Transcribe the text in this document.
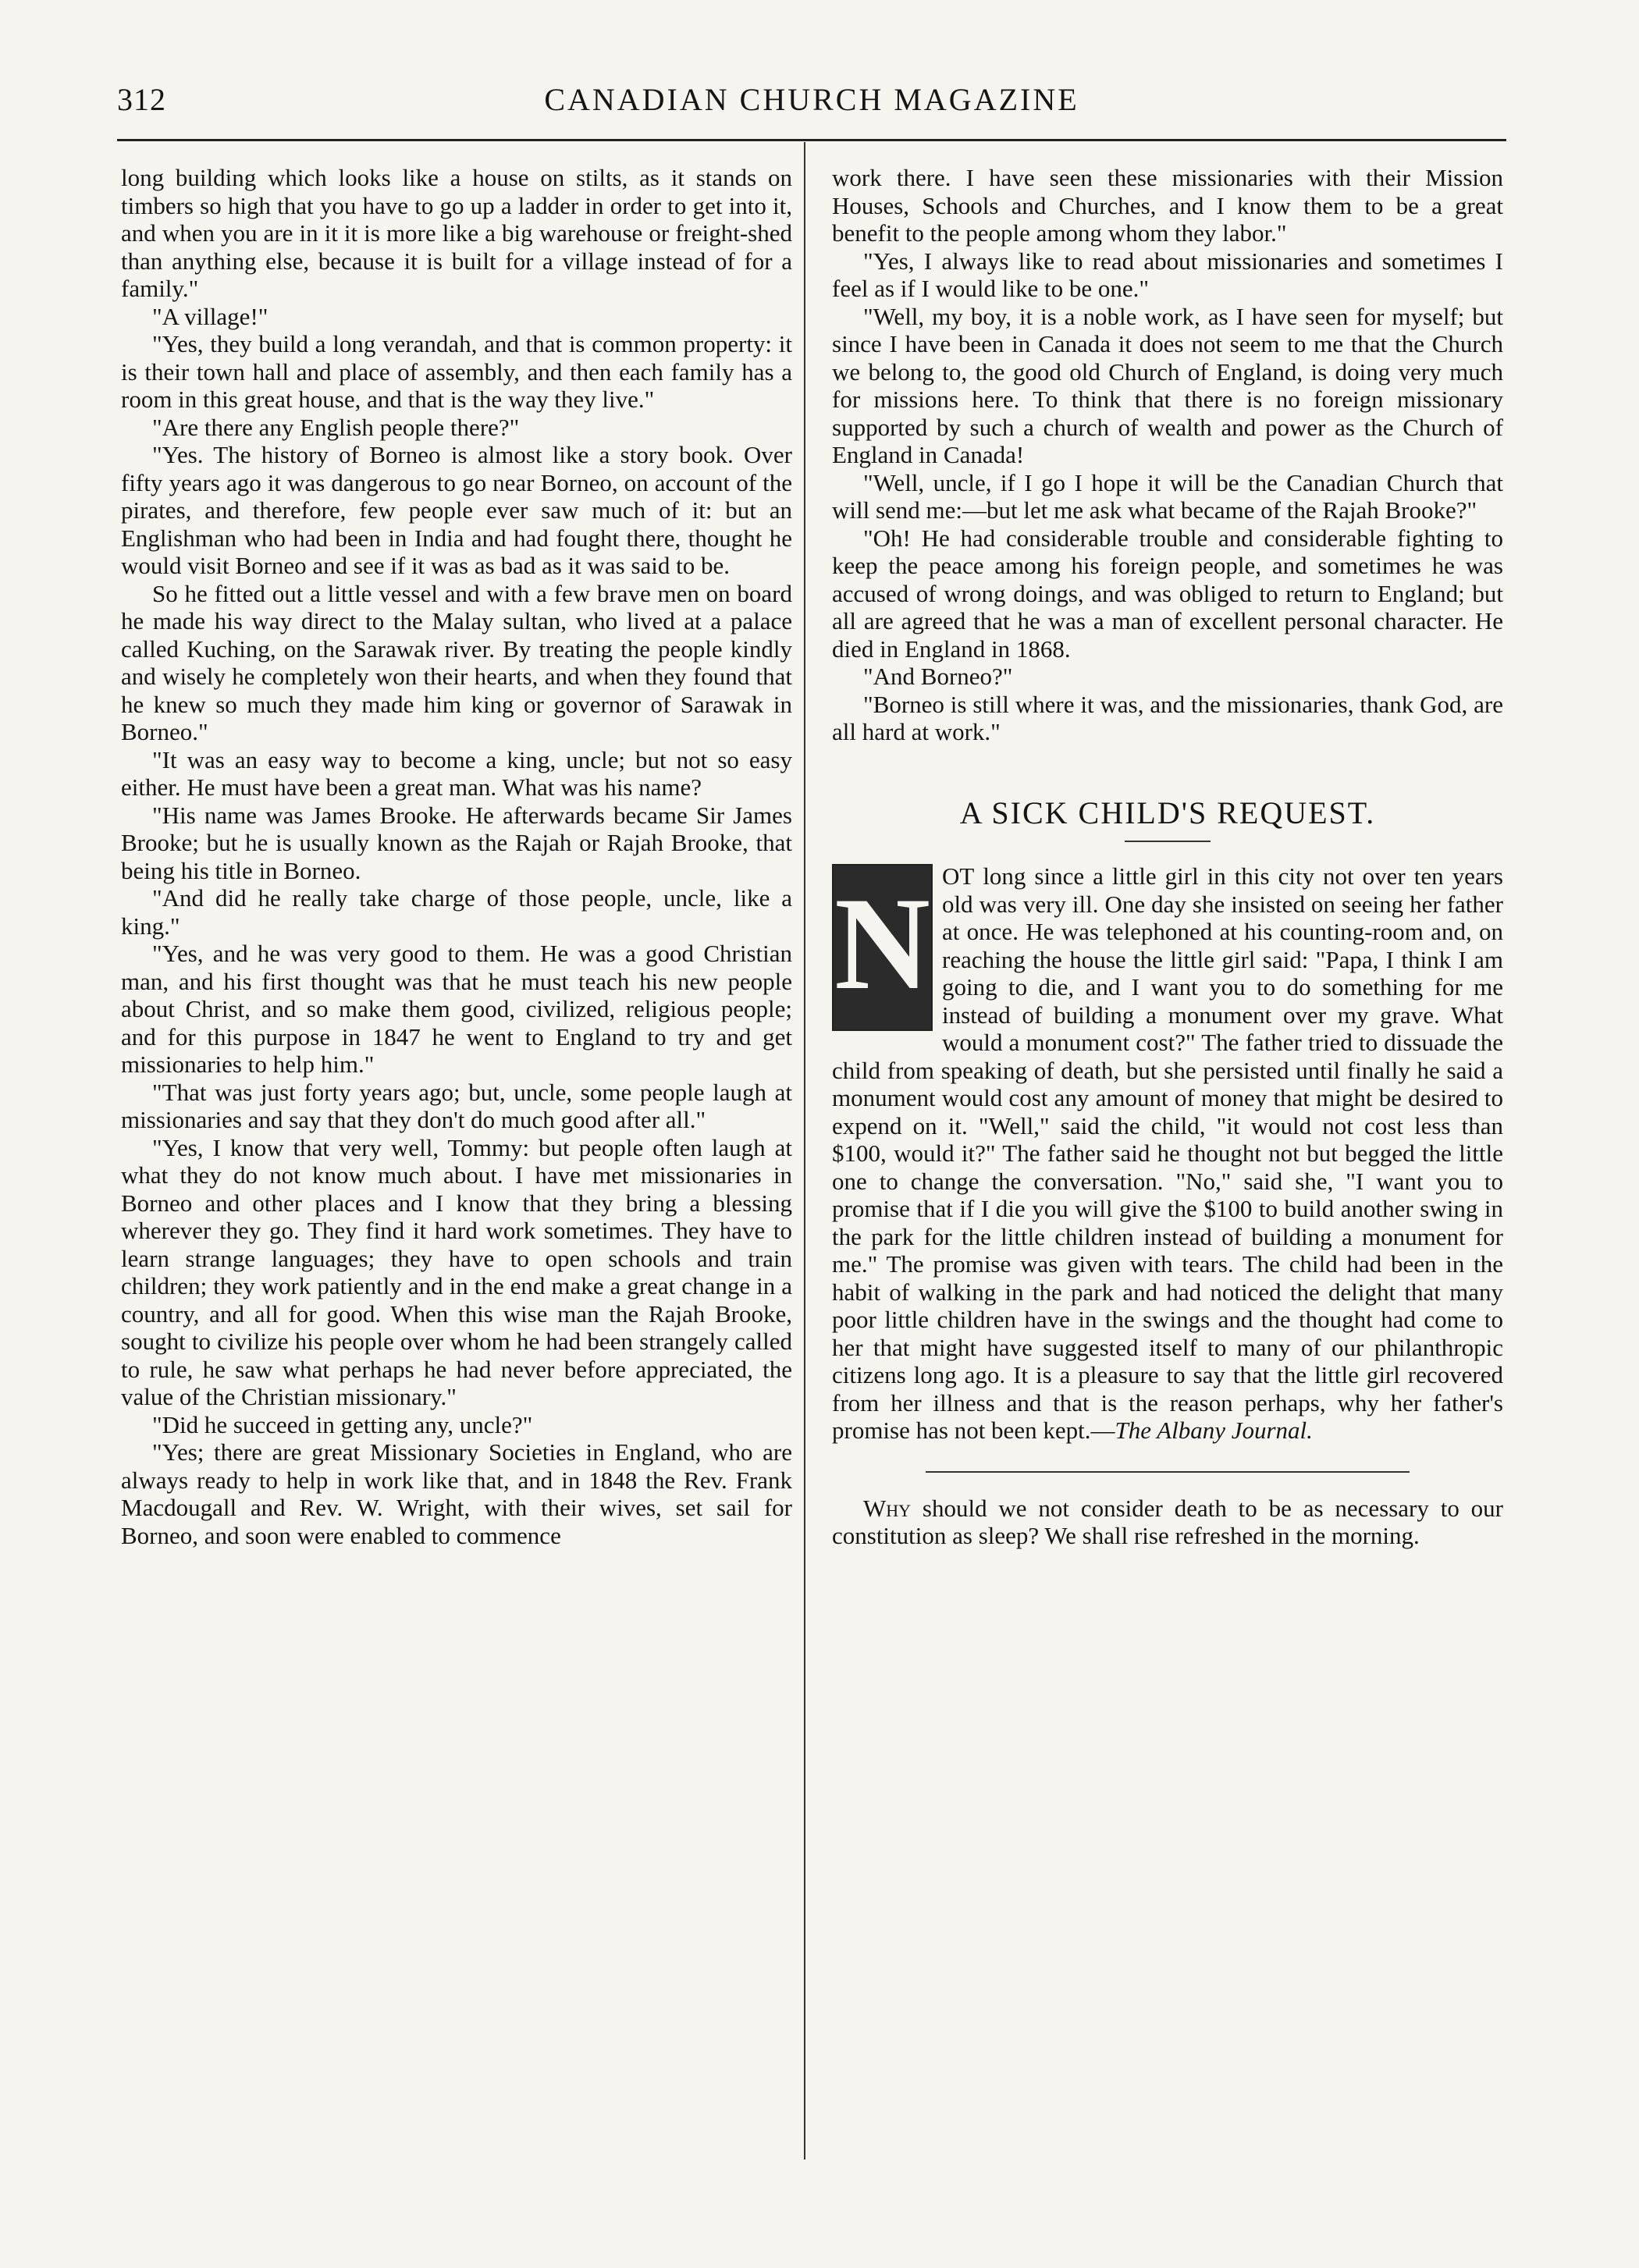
312	CANADIAN CHURCH MAGAZINE

long building which looks like a house on stilts, as it stands on timbers so high that you have to go up a ladder in order to get into it, and when you are in it it is more like a big warehouse or freight-shed than anything else, because it is built for a village instead of for a family."

"A village!"

"Yes, they build a long verandah, and that is common property: it is their town hall and place of assembly, and then each family has a room in this great house, and that is the way they live."

"Are there any English people there?"

"Yes. The history of Borneo is almost like a story book. Over fifty years ago it was dangerous to go near Borneo, on account of the pirates, and therefore, few people ever saw much of it: but an Englishman who had been in India and had fought there, thought he would visit Borneo and see if it was as bad as it was said to be.

So he fitted out a little vessel and with a few brave men on board he made his way direct to the Malay sultan, who lived at a palace called Kuching, on the Sarawak river. By treating the people kindly and wisely he completely won their hearts, and when they found that he knew so much they made him king or governor of Sarawak in Borneo."

"It was an easy way to become a king, uncle; but not so easy either. He must have been a great man. What was his name?

"His name was James Brooke. He afterwards became Sir James Brooke; but he is usually known as the Rajah or Rajah Brooke, that being his title in Borneo.

"And did he really take charge of those people, uncle, like a king."

"Yes, and he was very good to them. He was a good Christian man, and his first thought was that he must teach his new people about Christ, and so make them good, civilized, religious people; and for this purpose in 1847 he went to England to try and get missionaries to help him."

"That was just forty years ago; but, uncle, some people laugh at missionaries and say that they don't do much good after all."

"Yes, I know that very well, Tommy: but people often laugh at what they do not know much about. I have met missionaries in Borneo and other places and I know that they bring a blessing wherever they go. They find it hard work sometimes. They have to learn strange languages; they have to open schools and train children; they work patiently and in the end make a great change in a country, and all for good. When this wise man the Rajah Brooke, sought to civilize his people over whom he had been strangely called to rule, he saw what perhaps he had never before appreciated, the value of the Christian missionary."

"Did he succeed in getting any, uncle?"

"Yes; there are great Missionary Societies in England, who are always ready to help in work like that, and in 1848 the Rev. Frank Macdougall and Rev. W. Wright, with their wives, set sail for Borneo, and soon were enabled to commence

work there. I have seen these missionaries with their Mission Houses, Schools and Churches, and I know them to be a great benefit to the people among whom they labor."

"Yes, I always like to read about missionaries and sometimes I feel as if I would like to be one."

"Well, my boy, it is a noble work, as I have seen for myself; but since I have been in Canada it does not seem to me that the Church we belong to, the good old Church of England, is doing very much for missions here. To think that there is no foreign missionary supported by such a church of wealth and power as the Church of England in Canada!

"Well, uncle, if I go I hope it will be the Canadian Church that will send me:—but let me ask what became of the Rajah Brooke?"

"Oh! He had considerable trouble and considerable fighting to keep the peace among his foreign people, and sometimes he was accused of wrong doings, and was obliged to return to England; but all are agreed that he was a man of excellent personal character. He died in England in 1868.

"And Borneo?"

"Borneo is still where it was, and the missionaries, thank God, are all hard at work."

A SICK CHILD'S REQUEST.
N OT long since a little girl in this city not over ten years old was very ill. One day she insisted on seeing her father at once. He was telephoned at his counting-room and, on reaching the house the little girl said: "Papa, I think I am going to die, and I want you to do something for me instead of building a monument over my grave. What would a monument cost?" The father tried to dissuade the child from speaking of death, but she persisted until finally he said a monument would cost any amount of money that might be desired to expend on it. "Well," said the child, "it would not cost less than $100, would it?" The father said he thought not but begged the little one to change the conversation. "No," said she, "I want you to promise that if I die you will give the $100 to build another swing in the park for the little children instead of building a monument for me." The promise was given with tears. The child had been in the habit of walking in the park and had noticed the delight that many poor little children have in the swings and the thought had come to her that might have suggested itself to many of our philanthropic citizens long ago. It is a pleasure to say that the little girl recovered from her illness and that is the reason perhaps, why her father's promise has not been kept.—The Albany Journal.

Why should we not consider death to be as necessary to our constitution as sleep? We shall rise refreshed in the morning.
